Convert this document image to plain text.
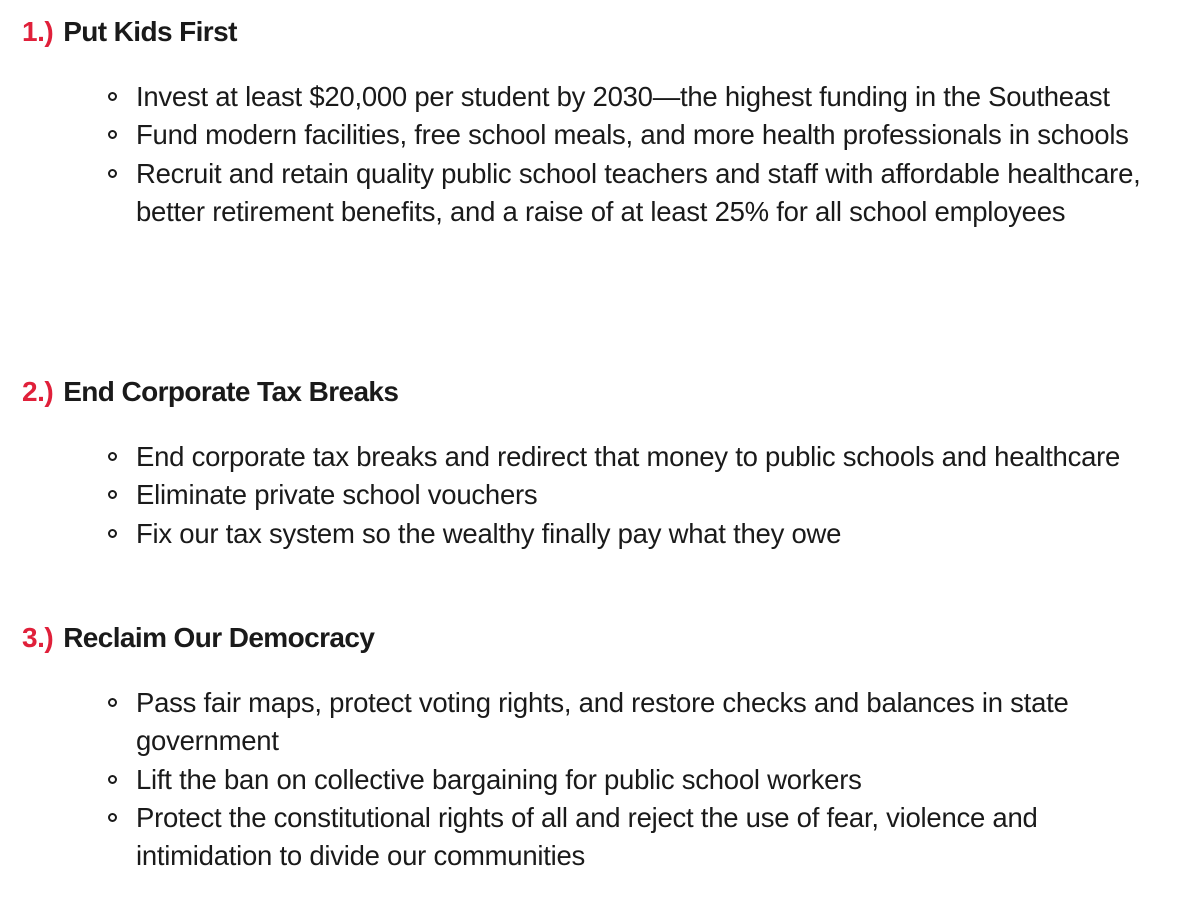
1.) Put Kids First
Invest at least $20,000 per student by 2030—the highest funding in the Southeast
Fund modern facilities, free school meals, and more health professionals in schools
Recruit and retain quality public school teachers and staff with affordable healthcare, better retirement benefits, and a raise of at least 25% for all school employees
2.) End Corporate Tax Breaks
End corporate tax breaks and redirect that money to public schools and healthcare
Eliminate private school vouchers
Fix our tax system so the wealthy finally pay what they owe
3.) Reclaim Our Democracy
Pass fair maps, protect voting rights, and restore checks and balances in state government
Lift the ban on collective bargaining for public school workers
Protect the constitutional rights of all and reject the use of fear, violence and intimidation to divide our communities
